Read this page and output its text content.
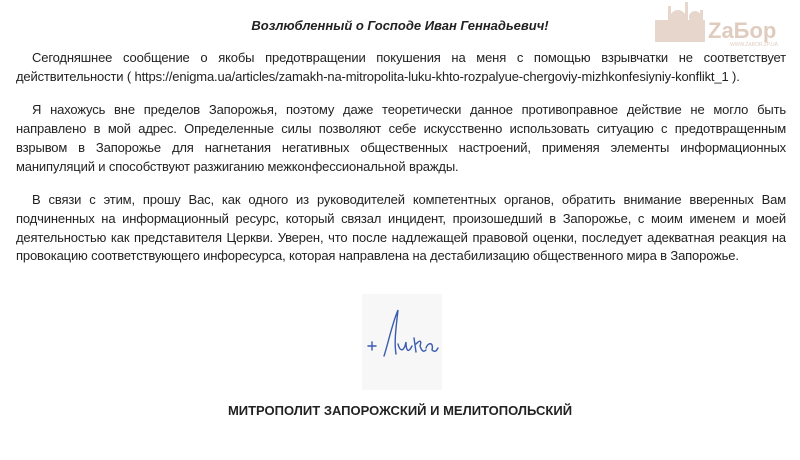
ZaБор
WWW.ZABOR.ZP.UA
Возлюбленный о Господе Иван Геннадьевич!

Сегодняшнее сообщение о якобы предотвращении покушения на меня с помощью взрывчатки не соответствует действительности ( https://enigma.ua/articles/zamakh-na-mitropolita-luku-khto-rozpalyue-chergoviy-mizhkonfesiyniy-konflikt_1 ).

Я нахожусь вне пределов Запорожья, поэтому даже теоретически данное противоправное действие не могло быть направлено в мой адрес. Определенные силы позволяют себе искусственно использовать ситуацию с предотвращенным взрывом в Запорожье для нагнетания негативных общественных настроений, применяя элементы информационных манипуляций и способствуют разжиганию межконфессиональной вражды.

В связи с этим, прошу Вас, как одного из руководителей компетентных органов, обратить внимание вверенных Вам подчиненных на информационный ресурс, который связал инцидент, произошедший в Запорожье, с моим именем и моей деятельностью как представителя Церкви. Уверен, что после надлежащей правовой оценки, последует адекватная реакция на провокацию соответствующего инфоресурса, которая направлена на дестабилизацию общественного мира в Запорожье.

МИТРОПОЛИТ ЗАПОРОЖСКИЙ И МЕЛИТОПОЛЬСКИЙ
